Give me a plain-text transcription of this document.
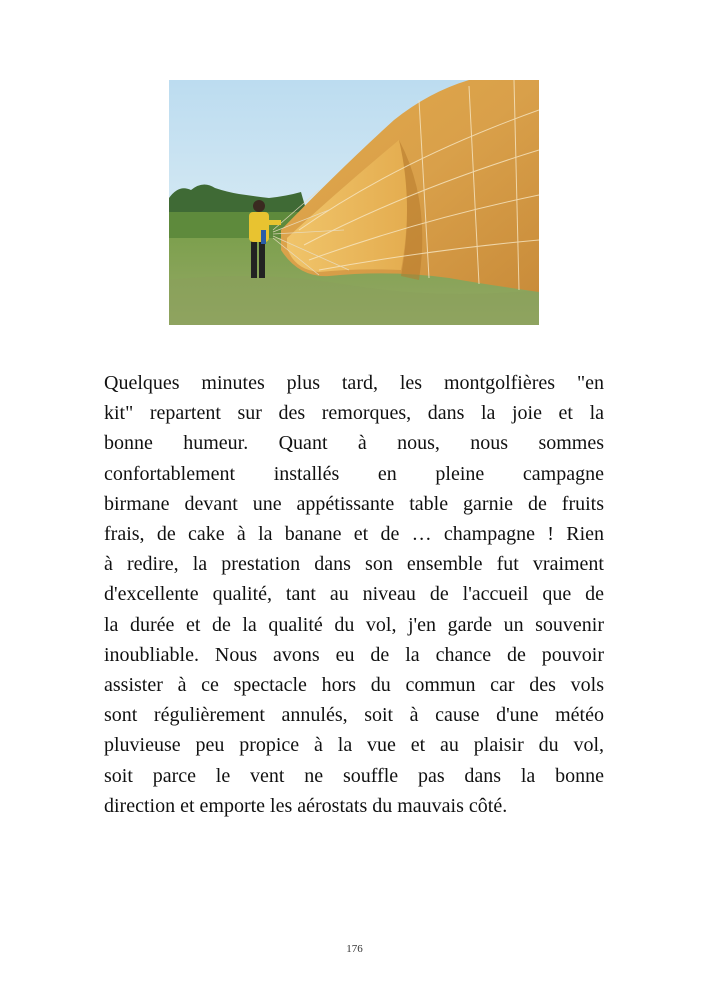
Quelques minutes plus tard, les montgolfières "en
kit" repartent sur des remorques, dans la joie et la
bonne humeur. Quant à nous, nous sommes
confortablement installés en pleine campagne
birmane devant une appétissante table garnie de fruits
frais, de cake à la banane et de … champagne ! Rien
à redire, la prestation dans son ensemble fut vraiment
d'excellente qualité, tant au niveau de l'accueil que de
la durée et de la qualité du vol, j'en garde un souvenir
inoubliable. Nous avons eu de la chance de pouvoir
assister à ce spectacle hors du commun car des vols
sont régulièrement annulés, soit à cause d'une météo
pluvieuse peu propice à la vue et au plaisir du vol,
soit parce le vent ne souffle pas dans la bonne
direction et emporte les aérostats du mauvais côté.

176
